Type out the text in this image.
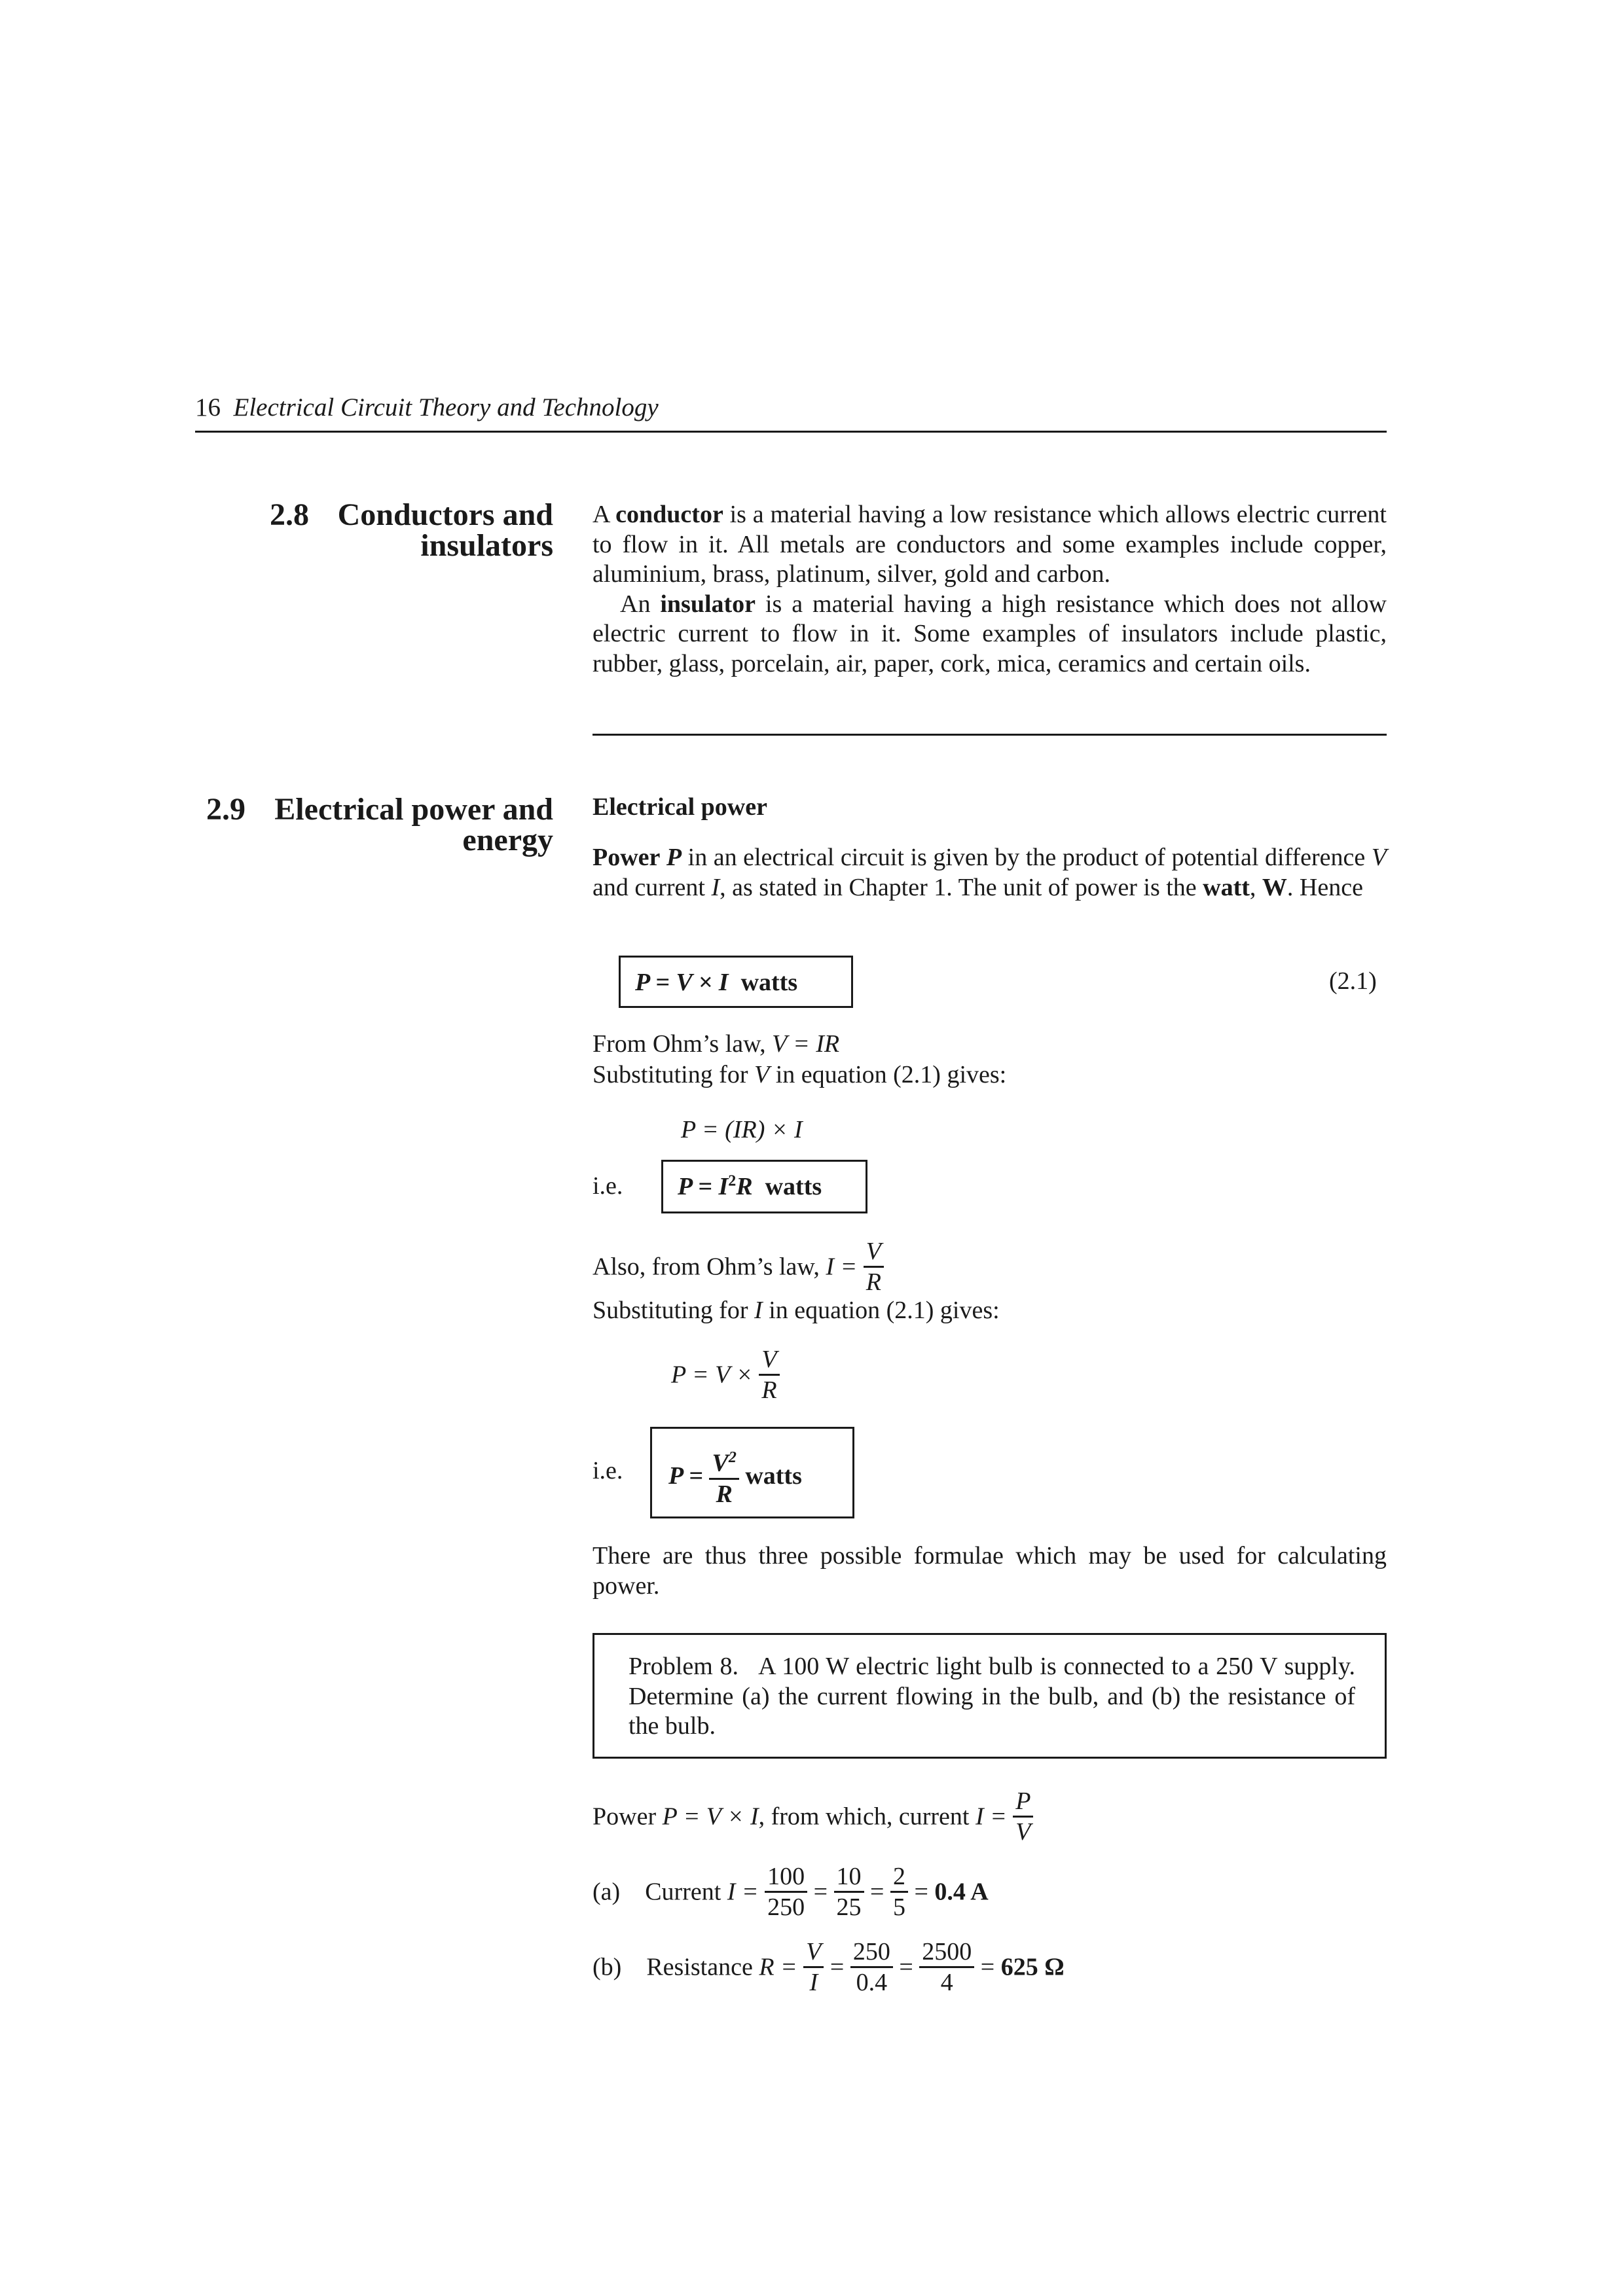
16 Electrical Circuit Theory and Technology
2.8 Conductors and
insulators

A conductor is a material having a low resistance which allows electric current to flow in it. All metals are conductors and some examples include copper, aluminium, brass, platinum, silver, gold and carbon.

An insulator is a material having a high resistance which does not allow electric current to flow in it. Some examples of insulators include plastic, rubber, glass, porcelain, air, paper, cork, mica, ceramics and certain oils.

2.9 Electrical power and
energy
Electrical power

Power P in an electrical circuit is given by the product of potential difference V and current I, as stated in Chapter 1. The unit of power is the watt, W. Hence

P = V × I watts	(2.1)
From Ohm’s law, V = IR
Substituting for V in equation (2.1) gives:
P = (IR) × I
i.e. $P = I^2R$ watts
Also, from Ohm’s law, $I = \frac{V}{R}$
Substituting for I in equation (2.1) gives:
$P = V \times \frac{V}{R}$
i.e. $P = \frac{V^2}{R}$ watts

There are thus three possible formulae which may be used for calculating power.

Problem 8. A 100 W electric light bulb is connected to a 250 V supply. Determine (a) the current flowing in the bulb, and (b) the resistance of the bulb.
Power P = V × I, from which, current $I = \frac{P}{V}$
(a) Current $I = \frac{100}{250} = \frac{10}{25} = \frac{2}{5} = 0.4$ A
(b) Resistance $R = \frac{V}{I} = \frac{250}{0.4} = \frac{2500}{4} = 625$ Ω
